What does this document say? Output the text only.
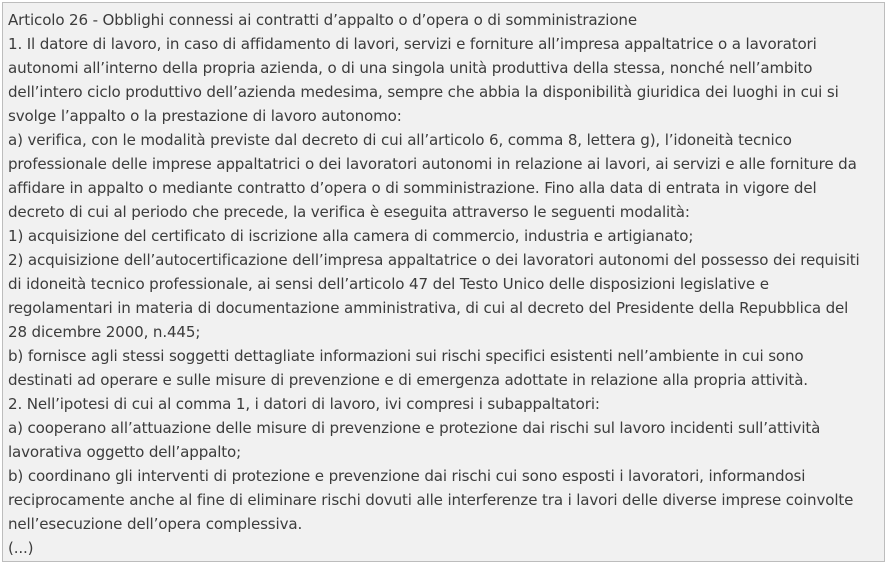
Articolo 26 - Obblighi connessi ai contratti d’appalto o d’opera o di somministrazione
1. Il datore di lavoro, in caso di affidamento di lavori, servizi e forniture all’impresa appaltatrice o a lavoratori
autonomi all’interno della propria azienda, o di una singola unità produttiva della stessa, nonché nell’ambito
dell’intero ciclo produttivo dell’azienda medesima, sempre che abbia la disponibilità giuridica dei luoghi in cui si
svolge l’appalto o la prestazione di lavoro autonomo:
a) verifica, con le modalità previste dal decreto di cui all’articolo 6, comma 8, lettera g), l’idoneità tecnico
professionale delle imprese appaltatrici o dei lavoratori autonomi in relazione ai lavori, ai servizi e alle forniture da
affidare in appalto o mediante contratto d’opera o di somministrazione. Fino alla data di entrata in vigore del
decreto di cui al periodo che precede, la verifica è eseguita attraverso le seguenti modalità:
1) acquisizione del certificato di iscrizione alla camera di commercio, industria e artigianato;
2) acquisizione dell’autocertificazione dell’impresa appaltatrice o dei lavoratori autonomi del possesso dei requisiti
di idoneità tecnico professionale, ai sensi dell’articolo 47 del Testo Unico delle disposizioni legislative e
regolamentari in materia di documentazione amministrativa, di cui al decreto del Presidente della Repubblica del
28 dicembre 2000, n.445;
b) fornisce agli stessi soggetti dettagliate informazioni sui rischi specifici esistenti nell’ambiente in cui sono
destinati ad operare e sulle misure di prevenzione e di emergenza adottate in relazione alla propria attività.
2. Nell’ipotesi di cui al comma 1, i datori di lavoro, ivi compresi i subappaltatori:
a) cooperano all’attuazione delle misure di prevenzione e protezione dai rischi sul lavoro incidenti sull’attività
lavorativa oggetto dell’appalto;
b) coordinano gli interventi di protezione e prevenzione dai rischi cui sono esposti i lavoratori, informandosi
reciprocamente anche al fine di eliminare rischi dovuti alle interferenze tra i lavori delle diverse imprese coinvolte
nell’esecuzione dell’opera complessiva.
(...)
